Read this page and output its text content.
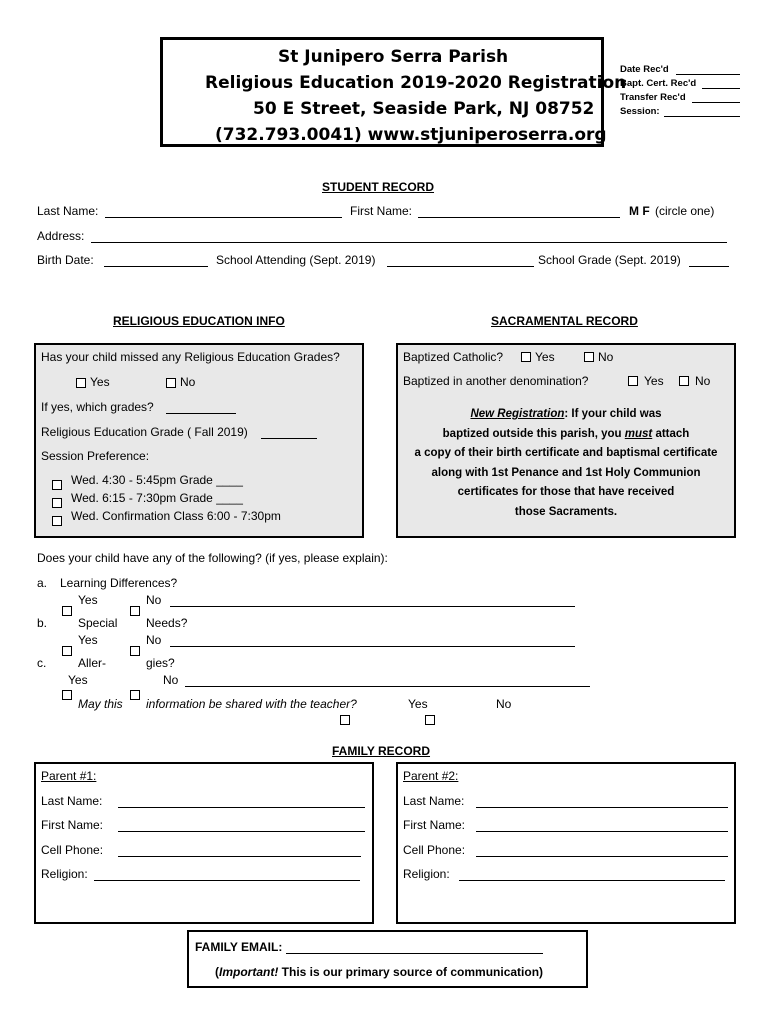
St Junipero Serra Parish
Religious Education 2019-2020 Registration
50 E Street, Seaside Park, NJ 08752
(732.793.0041) www.stjuniperoserra.org
Date Rec'd
Bapt. Cert. Rec'd
Transfer Rec'd
Session:
STUDENT RECORD
Last Name:	First Name:	M F (circle one)
Address:
Birth Date:	School Attending (Sept. 2019)	School Grade (Sept. 2019)
RELIGIOUS EDUCATION INFO	SACRAMENTAL RECORD
Has your child missed any Religious Education Grades?
Yes	No
If yes, which grades?
Religious Education Grade ( Fall 2019)
Session Preference:
Wed. 4:30 - 5:45pm Grade ____
Wed. 6:15 - 7:30pm Grade ____
Wed. Confirmation Class 6:00 - 7:30pm
Baptized Catholic?	Yes	No
Baptized in another denomination?	Yes	No
New Registration: If your child was
baptized outside this parish, you must attach
a copy of their birth certificate and baptismal certificate
along with 1st Penance and 1st Holy Communion
certificates for those that have received
those Sacraments.
Does your child have any of the following? (if yes, please explain):
a. Learning Differences?
Yes	No
b.	Special Needs?
Yes	No
c.	Aller-	gies?
Yes	No
May this information be shared with the teacher?	Yes	No
FAMILY RECORD
Parent #1:
Last Name:
First Name:
Cell Phone:
Religion:
Parent #2:
Last Name:
First Name:
Cell Phone:
Religion:
FAMILY EMAIL:
(Important! This is our primary source of communication)
